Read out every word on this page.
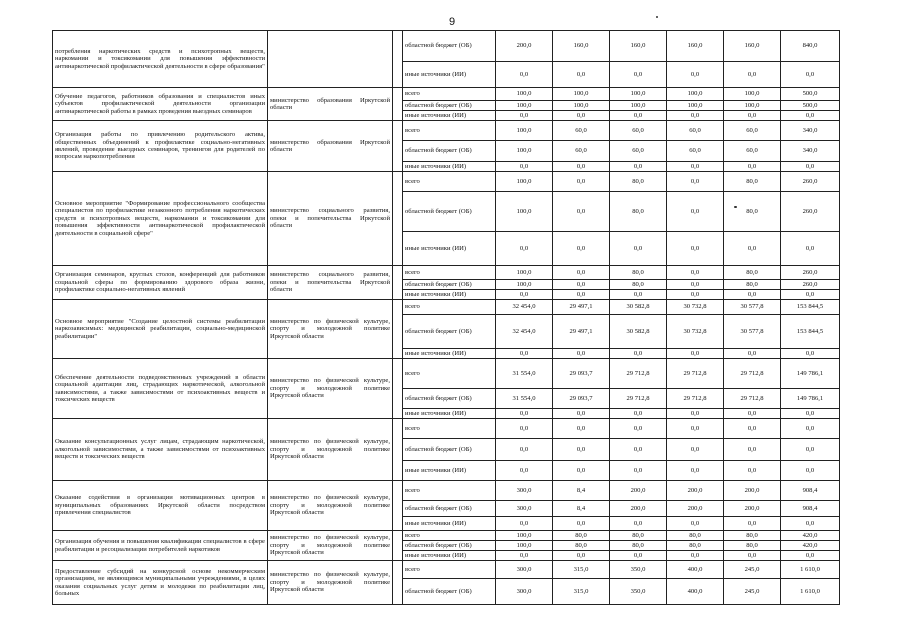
9
потребления наркотических средств и психотропных веществ, наркомании и токсикомании для повышения эффективности антинаркотической профилактической деятельности в сфере образования"			областной бюджет (ОБ)	200,0	160,0	160,0	160,0	160,0	840,0
			иные источники (ИИ)	0,0	0,0	0,0	0,0	0,0	0,0
Обучение педагогов, работников образования и специалистов иных субъектов профилактической деятельности организации антинаркотической работы в рамках проведения выездных семинаров	министерство образования Иркутской области		всего	100,0	100,0	100,0	100,0	100,0	500,0
			областной бюджет (ОБ)	100,0	100,0	100,0	100,0	100,0	500,0
			иные источники (ИИ)	0,0	0,0	0,0	0,0	0,0	0,0
Организация работы по привлечению родительского актива, общественных объединений к профилактике социально-негативных явлений, проведение выездных семинаров, тренингов для родителей по вопросам наркопотребления	министерство образования Иркутской области		всего	100,0	60,0	60,0	60,0	60,0	340,0
			областной бюджет (ОБ)	100,0	60,0	60,0	60,0	60,0	340,0
			иные источники (ИИ)	0,0	0,0	0,0	0,0	0,0	0,0
Основное мероприятие "Формирование профессионального сообщества специалистов по профилактике незаконного потребления наркотических средств и психотропных веществ, наркомании и токсикомании для повышения эффективности антинаркотической профилактической деятельности в социальной сфере"	министерство социального развития, опеки и попечительства Иркутской области		всего	100,0	0,0	80,0	0,0	80,0	260,0
			областной бюджет (ОБ)	100,0	0,0	80,0	0,0	80,0	260,0
			иные источники (ИИ)	0,0	0,0	0,0	0,0	0,0	0,0
Организация семинаров, круглых столов, конференций для работников социальной сферы по формированию здорового образа жизни, профилактике социально-негативных явлений	министерство социального развития, опеки и попечительства Иркутской области		всего	100,0	0,0	80,0	0,0	80,0	260,0
			областной бюджет (ОБ)	100,0	0,0	80,0	0,0	80,0	260,0
			иные источники (ИИ)	0,0	0,0	0,0	0,0	0,0	0,0
Основное мероприятие "Создание целостной системы реабилитации наркозависимых: медицинской реабилитации, социально-медицинской реабилитации"	министерство по физической культуре, спорту и молодежной политике Иркутской области		всего	32 454,0	29 497,1	30 582,8	30 732,8	30 577,8	153 844,5
			областной бюджет (ОБ)	32 454,0	29 497,1	30 582,8	30 732,8	30 577,8	153 844,5
			иные источники (ИИ)	0,0	0,0	0,0	0,0	0,0	0,0
Обеспечение деятельности подведомственных учреждений в области социальной адаптации лиц, страдающих наркотической, алкогольной зависимостями, а также зависимостями от психоактивных веществ и токсических веществ	министерство по физической культуре, спорту и молодежной политике Иркутской области		всего	31 554,0	29 093,7	29 712,8	29 712,8	29 712,8	149 786,1
			областной бюджет (ОБ)	31 554,0	29 093,7	29 712,8	29 712,8	29 712,8	149 786,1
			иные источники (ИИ)	0,0	0,0	0,0	0,0	0,0	0,0
Оказание консультационных услуг лицам, страдающим наркотической, алкогольной зависимостями, а также зависимостями от психоактивных веществ и токсических веществ	министерство по физической культуре, спорту и молодежной политике Иркутской области		всего	0,0	0,0	0,0	0,0	0,0	0,0
			областной бюджет (ОБ)	0,0	0,0	0,0	0,0	0,0	0,0
			иные источники (ИИ)	0,0	0,0	0,0	0,0	0,0	0,0
Оказание содействия в организации мотивационных центров в муниципальных образованиях Иркутской области посредством привлечения специалистов	министерство по физической культуре, спорту и молодежной политике Иркутской области		всего	300,0	8,4	200,0	200,0	200,0	908,4
			областной бюджет (ОБ)	300,0	8,4	200,0	200,0	200,0	908,4
			иные источники (ИИ)	0,0	0,0	0,0	0,0	0,0	0,0
Организация обучения и повышения квалификации специалистов в сфере реабилитации и ресоциализации потребителей наркотиков	министерство по физической культуре, спорту и молодежной политике Иркутской области		всего	100,0	80,0	80,0	80,0	80,0	420,0
			областной бюджет (ОБ)	100,0	80,0	80,0	80,0	80,0	420,0
			иные источники (ИИ)	0,0	0,0	0,0	0,0	0,0	0,0
Предоставление субсидий на конкурсной основе некоммерческим организациям, не являющимся муниципальными учреждениями, в целях оказания социальных услуг детям и молодежи по реабилитации лиц, больных	министерство по физической культуре, спорту и молодежной политике Иркутской области		всего	300,0	315,0	350,0	400,0	245,0	1 610,0
			областной бюджет (ОБ)	300,0	315,0	350,0	400,0	245,0	1 610,0
